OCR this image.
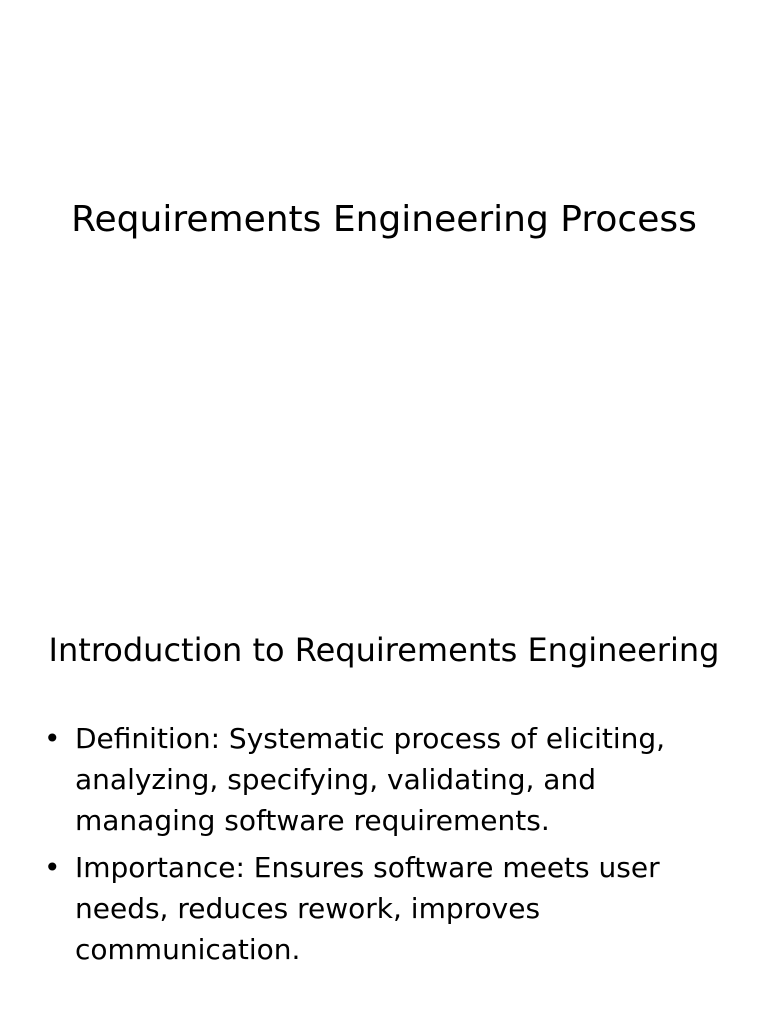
Requirements Engineering Process
Introduction to Requirements Engineering
• Definition: Systematic process of eliciting, analyzing, specifying, validating, and managing software requirements.
• Importance: Ensures software meets user needs, reduces rework, improves communication.
